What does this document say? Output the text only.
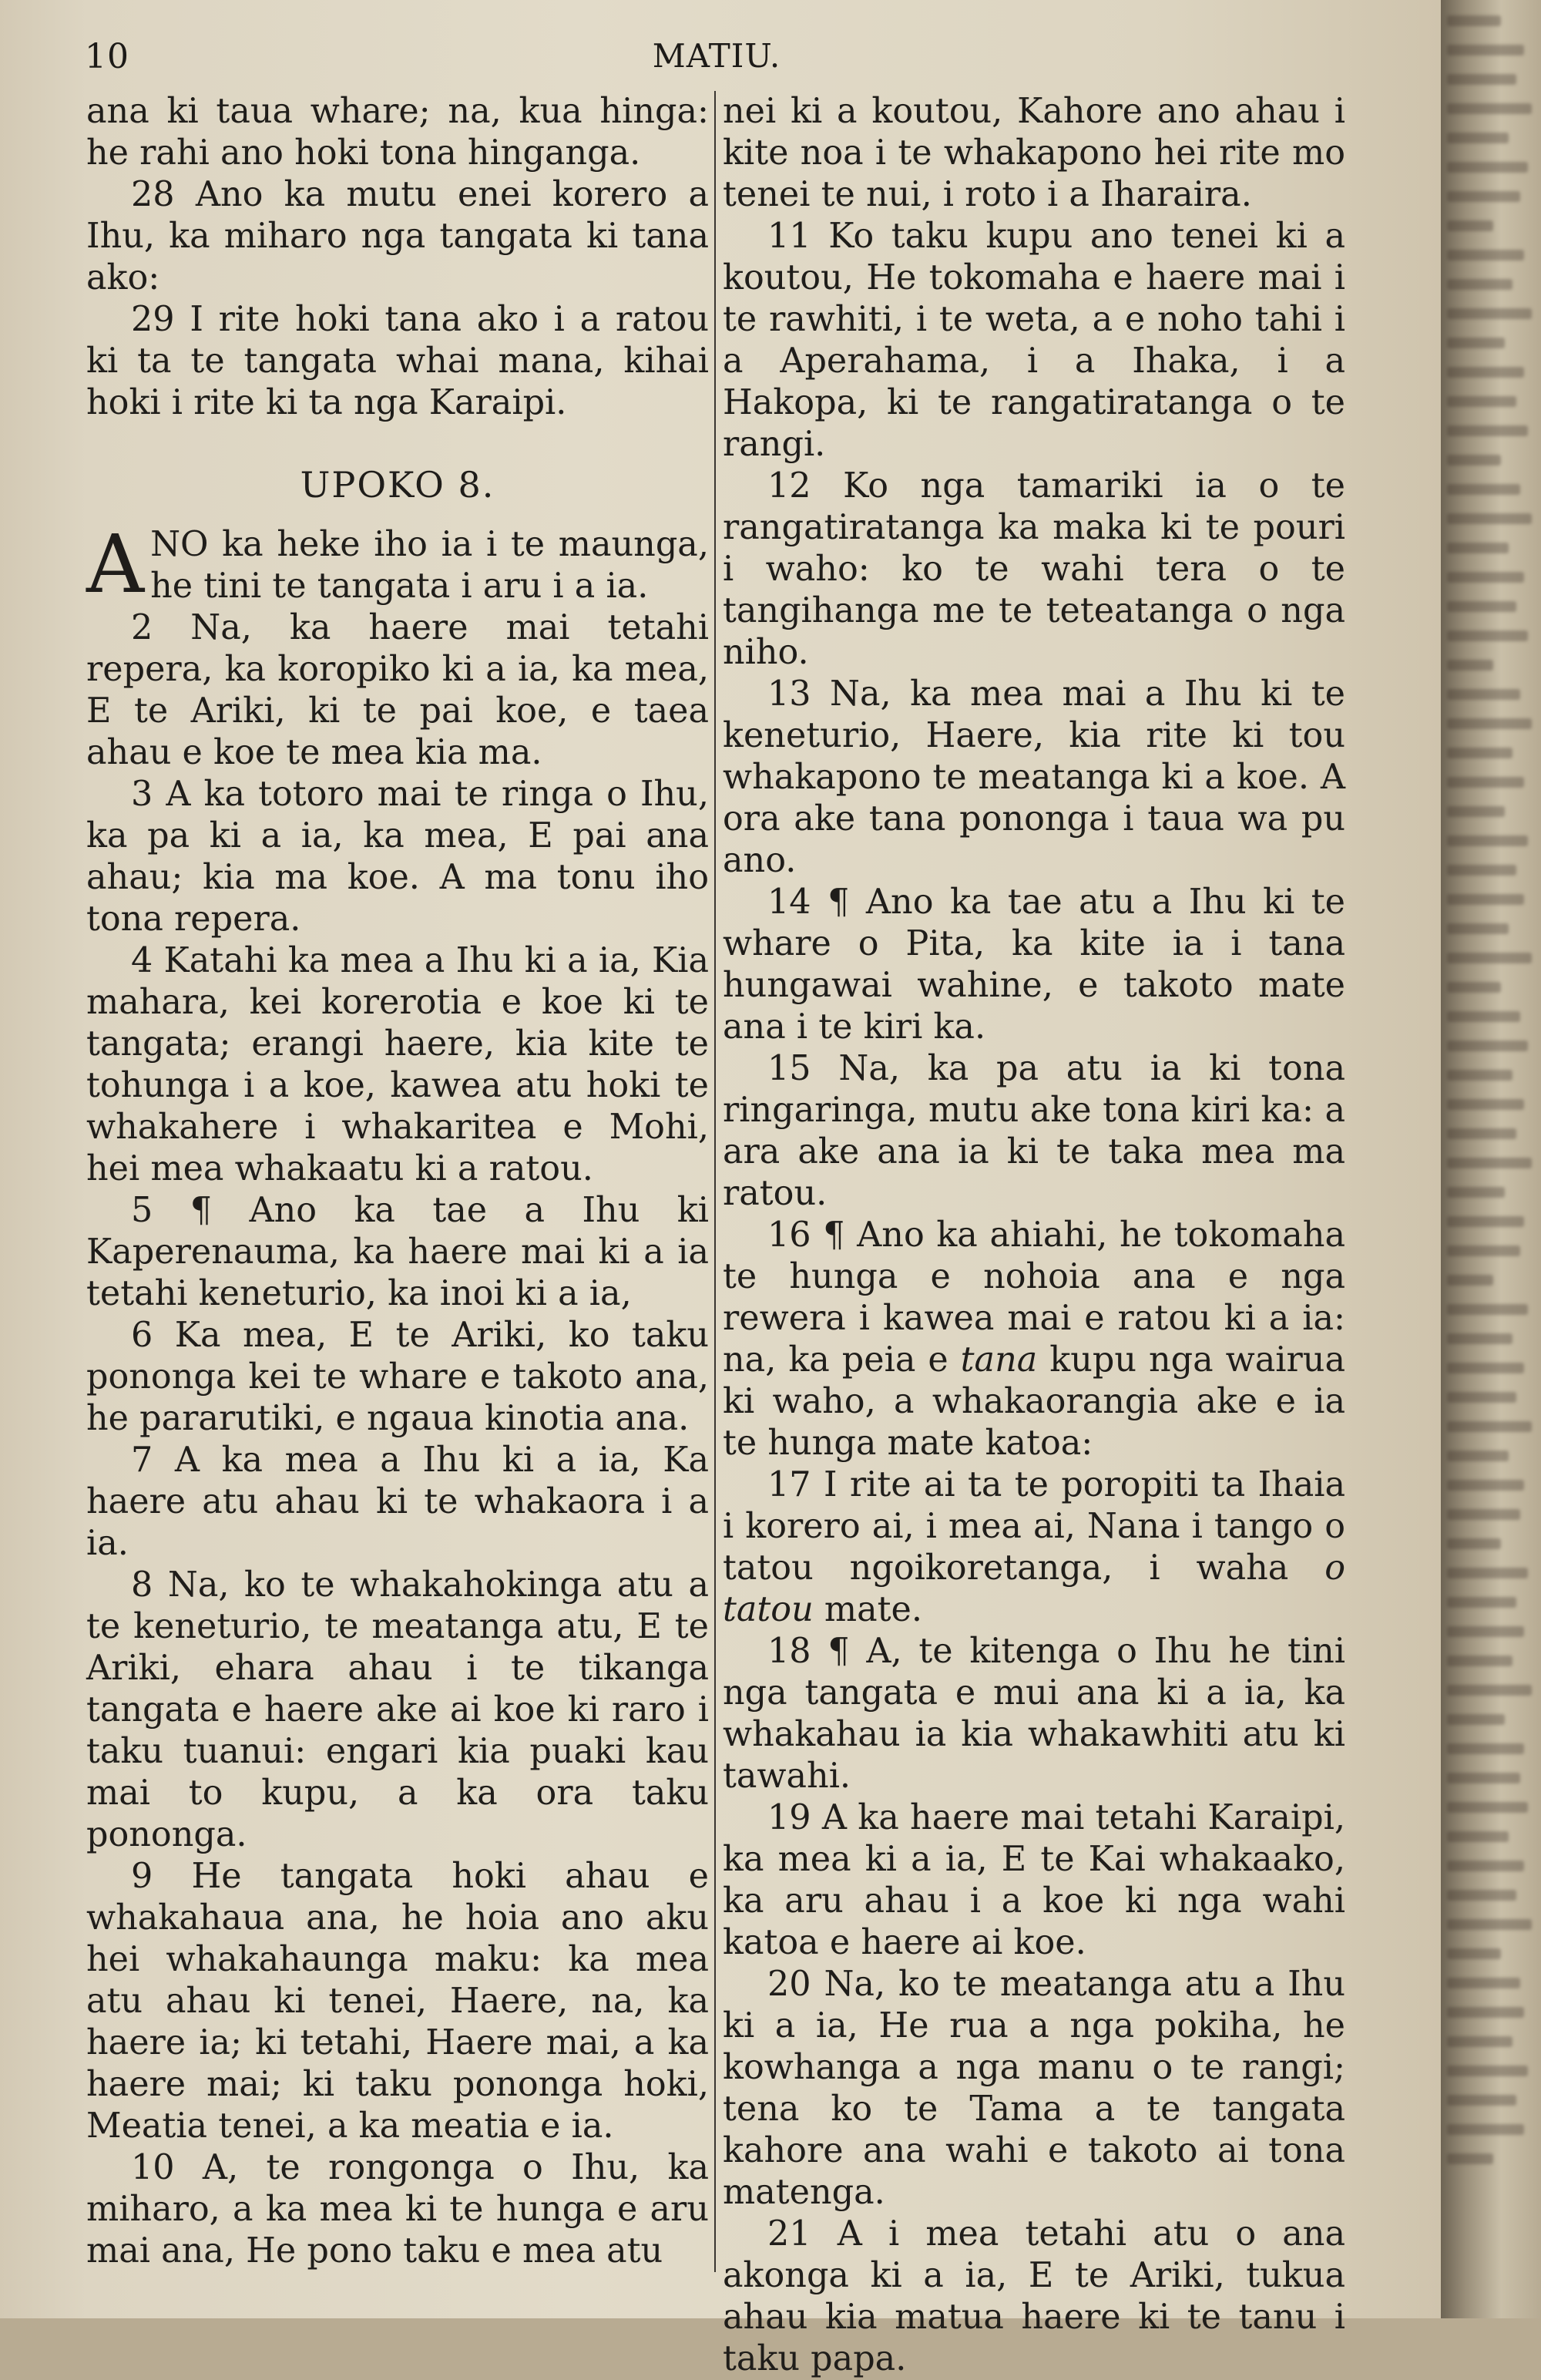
10	MATIU.

ana ki taua whare; na, kua hinga: he rahi ano hoki tona hinganga.

28 Ano ka mutu enei korero a Ihu, ka miharo nga tangata ki tana ako:

29 I rite hoki tana ako i a ratou ki ta te tangata whai mana, kihai hoki i rite ki ta nga Karaipi.

UPOKO 8.

ANO ka heke iho ia i te maunga, he tini te tangata i aru i a ia.

2 Na, ka haere mai tetahi repera, ka koropiko ki a ia, ka mea, E te Ariki, ki te pai koe, e taea ahau e koe te mea kia ma.

3 A ka totoro mai te ringa o Ihu, ka pa ki a ia, ka mea, E pai ana ahau; kia ma koe. A ma tonu iho tona repera.

4 Katahi ka mea a Ihu ki a ia, Kia mahara, kei korerotia e koe ki te tangata; erangi haere, kia kite te tohunga i a koe, kawea atu hoki te whakahere i whakaritea e Mohi, hei mea whakaatu ki a ratou.

5 ¶ Ano ka tae a Ihu ki Kaperenauma, ka haere mai ki a ia tetahi keneturio, ka inoi ki a ia,

6 Ka mea, E te Ariki, ko taku pononga kei te whare e takoto ana, he pararutiki, e ngaua kinotia ana.

7 A ka mea a Ihu ki a ia, Ka haere atu ahau ki te whakaora i a ia.

8 Na, ko te whakahokinga atu a te keneturio, te meatanga atu, E te Ariki, ehara ahau i te tikanga tangata e haere ake ai koe ki raro i taku tuanui: engari kia puaki kau mai to kupu, a ka ora taku pononga.

9 He tangata hoki ahau e whakahaua ana, he hoia ano aku hei whakahaunga maku: ka mea atu ahau ki tenei, Haere, na, ka haere ia; ki tetahi, Haere mai, a ka haere mai; ki taku pononga hoki, Meatia tenei, a ka meatia e ia.

10 A, te rongonga o Ihu, ka miharo, a ka mea ki te hunga e aru mai ana, He pono taku e mea atu

nei ki a koutou, Kahore ano ahau i kite noa i te whakapono hei rite mo tenei te nui, i roto i a Iharaira.

11 Ko taku kupu ano tenei ki a koutou, He tokomaha e haere mai i te rawhiti, i te weta, a e noho tahi i a Aperahama, i a Ihaka, i a Hakopa, ki te rangatiratanga o te rangi.

12 Ko nga tamariki ia o te rangatiratanga ka maka ki te pouri i waho: ko te wahi tera o te tangihanga me te teteatanga o nga niho.

13 Na, ka mea mai a Ihu ki te keneturio, Haere, kia rite ki tou whakapono te meatanga ki a koe. A ora ake tana pononga i taua wa pu ano.

14 ¶ Ano ka tae atu a Ihu ki te whare o Pita, ka kite ia i tana hungawai wahine, e takoto mate ana i te kiri ka.

15 Na, ka pa atu ia ki tona ringaringa, mutu ake tona kiri ka: a ara ake ana ia ki te taka mea ma ratou.

16 ¶ Ano ka ahiahi, he tokomaha te hunga e nohoia ana e nga rewera i kawea mai e ratou ki a ia: na, ka peia e tana kupu nga wairua ki waho, a whakaorangia ake e ia te hunga mate katoa:

17 I rite ai ta te poropiti ta Ihaia i korero ai, i mea ai, Nana i tango o tatou ngoikoretanga, i waha o tatou mate.

18 ¶ A, te kitenga o Ihu he tini nga tangata e mui ana ki a ia, ka whakahau ia kia whakawhiti atu ki tawahi.

19 A ka haere mai tetahi Karaipi, ka mea ki a ia, E te Kai whakaako, ka aru ahau i a koe ki nga wahi katoa e haere ai koe.

20 Na, ko te meatanga atu a Ihu ki a ia, He rua a nga pokiha, he kowhanga a nga manu o te rangi; tena ko te Tama a te tangata kahore ana wahi e takoto ai tona matenga.

21 A i mea tetahi atu o ana akonga ki a ia, E te Ariki, tukua ahau kia matua haere ki te tanu i taku papa.
